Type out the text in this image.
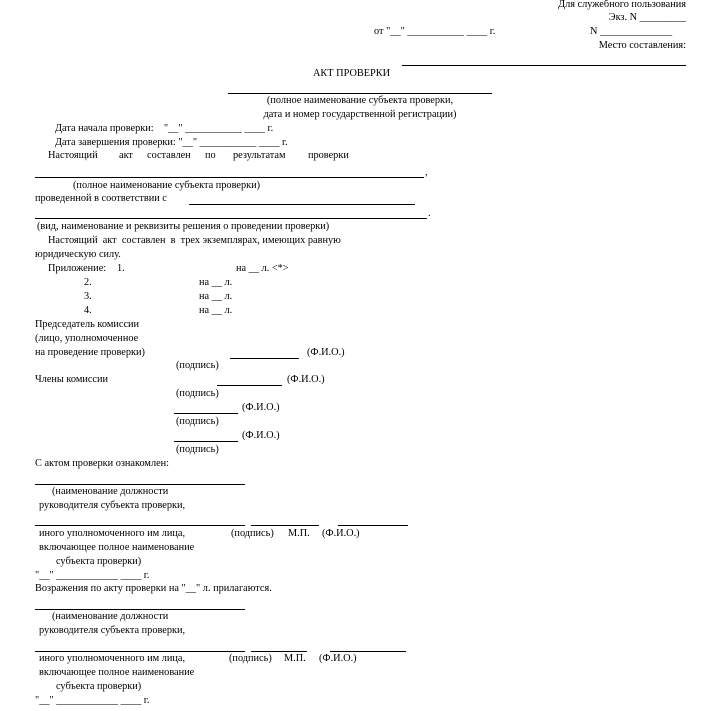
Для служебного пользования
Экз. N _________
от "__" ___________ ____ г.	N ______________
Место составления:
АКТ ПРОВЕРКИ
(полное наименование субъекта проверки,
дата и номер государственной регистрации)
Дата начала проверки:    "__" ___________ ____ г.
Дата завершения проверки: "__" ___________ ____ г.
Настоящий акт составлен по результатам проверки
,
(полное наименование субъекта проверки)
проведенной в соответствии с
.
(вид, наименование и реквизиты решения о проведении проверки)
Настоящий  акт  составлен  в  трех экземплярах, имеющих равную
юридическую силу.
Приложение: 1.	на __ л. <*>
2.	на __ л.
3.	на __ л.
4.	на __ л.
Председатель комиссии
(лицо, уполномоченное
на проведение проверки)	(Ф.И.О.)
(подпись)
Члены комиссии	(Ф.И.О.)
(подпись)
(Ф.И.О.)
(подпись)
(Ф.И.О.)
(подпись)
С актом проверки ознакомлен:
(наименование должности
руководителя субъекта проверки,
иного уполномоченного им лица,	(подпись) М.П. (Ф.И.О.)
включающее полное наименование
субъекта проверки)
"__" ____________ ____ г.
Возражения по акту проверки на "__" л. прилагаются.
(наименование должности
руководителя субъекта проверки,
иного уполномоченного им лица,	(подпись) М.П. (Ф.И.О.)
включающее полное наименование
субъекта проверки)
"__" ____________ ____ г.
